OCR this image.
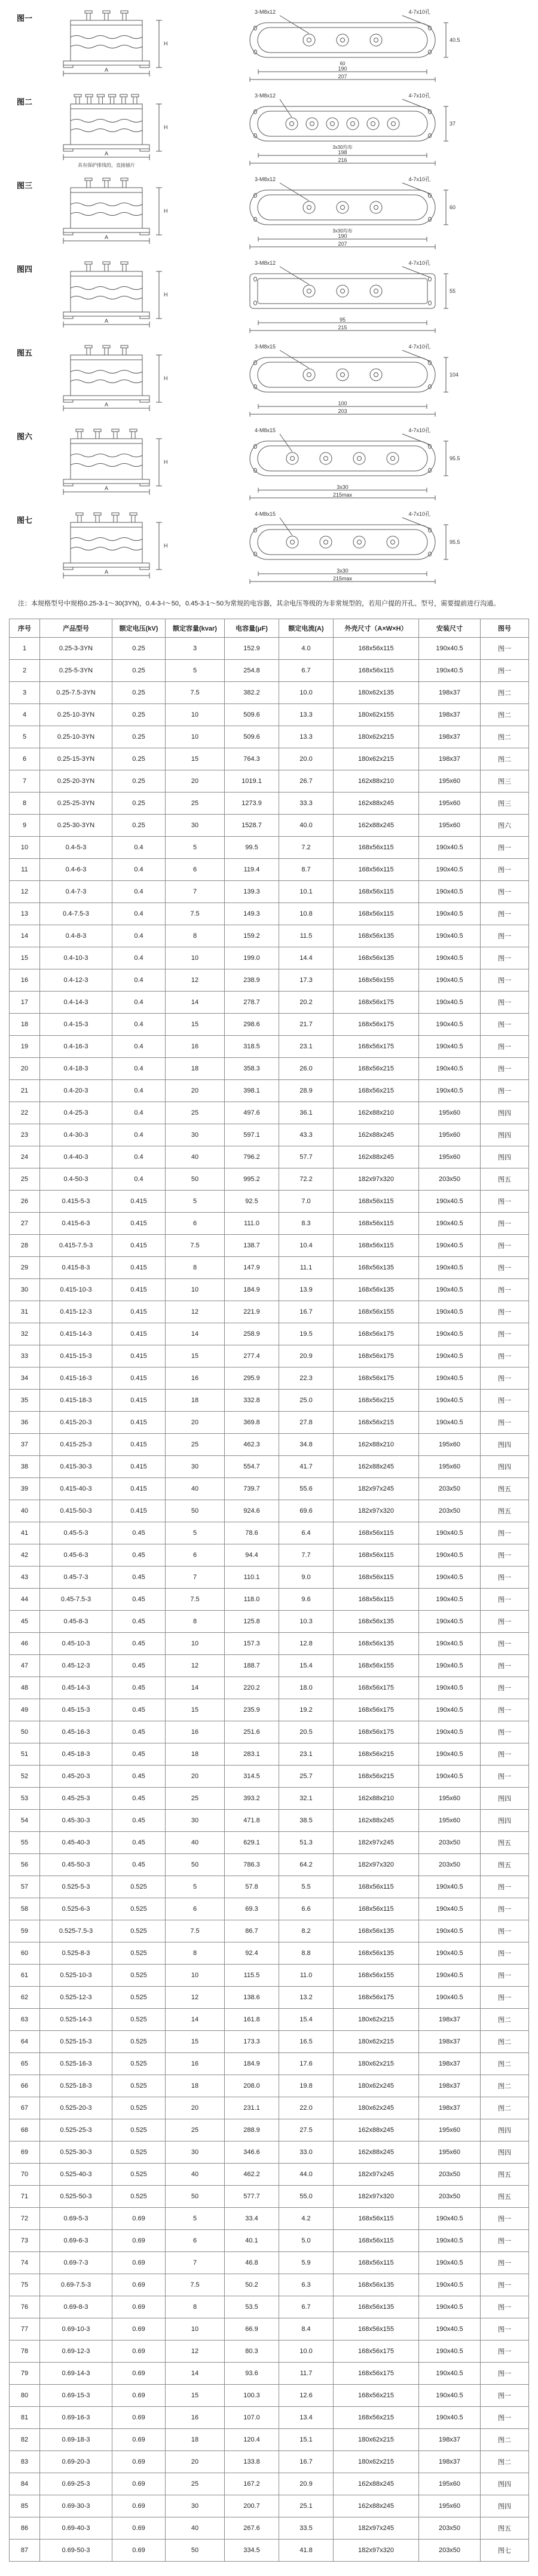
图一
A
H
3-M8x12	4-7x10孔
60
190
207
40.5
图二
A
H
具有保护排线的，直接插片
3-M8x12	4-7x10孔
3x30均布
198
216
37
图三
A
H
3-M8x12	4-7x10孔
3x30均布
190
207
60
图四
A
H
3-M8x12	4-7x10孔
95
215
55
图五
A
H
3-M8x15	4-7x10孔
100
203
104
图六
A
H
4-M8x15	4-7x10孔
3x30
215max
95.5
图七
A
H
4-M8x15	4-7x10孔
3x30
215max
95.5
注：本规格型号中规格0.25-3-1～30(3YN)，0.4-3-I～50，0.45-3-1～50为常规的电容器，其余电压等级的为非常规型的，若用户提的开孔、型号，需要提前进行沟通。
序号	产品型号	额定电压(kV)	额定容量(kvar)	电容量(μF)	额定电流(A)	外壳尺寸（A×W×H）	安装尺寸	图号
1	0.25-3-3YN	0.25	3	152.9	4.0	168x56x115	190x40.5	图一
2	0.25-5-3YN	0.25	5	254.8	6.7	168x56x115	190x40.5	图一
3	0.25-7.5-3YN	0.25	7.5	382.2	10.0	180x62x135	198x37	图二
4	0.25-10-3YN	0.25	10	509.6	13.3	180x62x155	198x37	图二
5	0.25-10-3YN	0.25	10	509.6	13.3	180x62x215	198x37	图二
6	0.25-15-3YN	0.25	15	764.3	20.0	180x62x215	198x37	图二
7	0.25-20-3YN	0.25	20	1019.1	26.7	162x88x210	195x60	图三
8	0.25-25-3YN	0.25	25	1273.9	33.3	162x88x245	195x60	图三
9	0.25-30-3YN	0.25	30	1528.7	40.0	162x88x245	195x60	图六
10	0.4-5-3	0.4	5	99.5	7.2	168x56x115	190x40.5	图一
11	0.4-6-3	0.4	6	119.4	8.7	168x56x115	190x40.5	图一
12	0.4-7-3	0.4	7	139.3	10.1	168x56x115	190x40.5	图一
13	0.4-7.5-3	0.4	7.5	149.3	10.8	168x56x115	190x40.5	图一
14	0.4-8-3	0.4	8	159.2	11.5	168x56x135	190x40.5	图一
15	0.4-10-3	0.4	10	199.0	14.4	168x56x135	190x40.5	图一
16	0.4-12-3	0.4	12	238.9	17.3	168x56x155	190x40.5	图一
17	0.4-14-3	0.4	14	278.7	20.2	168x56x175	190x40.5	图一
18	0.4-15-3	0.4	15	298.6	21.7	168x56x175	190x40.5	图一
19	0.4-16-3	0.4	16	318.5	23.1	168x56x175	190x40.5	图一
20	0.4-18-3	0.4	18	358.3	26.0	168x56x215	190x40.5	图一
21	0.4-20-3	0.4	20	398.1	28.9	168x56x215	190x40.5	图一
22	0.4-25-3	0.4	25	497.6	36.1	162x88x210	195x60	图四
23	0.4-30-3	0.4	30	597.1	43.3	162x88x245	195x60	图四
24	0.4-40-3	0.4	40	796.2	57.7	162x88x245	195x60	图四
25	0.4-50-3	0.4	50	995.2	72.2	182x97x320	203x50	图五
26	0.415-5-3	0.415	5	92.5	7.0	168x56x115	190x40.5	图一
27	0.415-6-3	0.415	6	111.0	8.3	168x56x115	190x40.5	图一
28	0.415-7.5-3	0.415	7.5	138.7	10.4	168x56x115	190x40.5	图一
29	0.415-8-3	0.415	8	147.9	11.1	168x56x135	190x40.5	图一
30	0.415-10-3	0.415	10	184.9	13.9	168x56x135	190x40.5	图一
31	0.415-12-3	0.415	12	221.9	16.7	168x56x155	190x40.5	图一
32	0.415-14-3	0.415	14	258.9	19.5	168x56x175	190x40.5	图一
33	0.415-15-3	0.415	15	277.4	20.9	168x56x175	190x40.5	图一
34	0.415-16-3	0.415	16	295.9	22.3	168x56x175	190x40.5	图一
35	0.415-18-3	0.415	18	332.8	25.0	168x56x215	190x40.5	图一
36	0.415-20-3	0.415	20	369.8	27.8	168x56x215	190x40.5	图一
37	0.415-25-3	0.415	25	462.3	34.8	162x88x210	195x60	图四
38	0.415-30-3	0.415	30	554.7	41.7	162x88x245	195x60	图四
39	0.415-40-3	0.415	40	739.7	55.6	182x97x245	203x50	图五
40	0.415-50-3	0.415	50	924.6	69.6	182x97x320	203x50	图五
41	0.45-5-3	0.45	5	78.6	6.4	168x56x115	190x40.5	图一
42	0.45-6-3	0.45	6	94.4	7.7	168x56x115	190x40.5	图一
43	0.45-7-3	0.45	7	110.1	9.0	168x56x115	190x40.5	图一
44	0.45-7.5-3	0.45	7.5	118.0	9.6	168x56x115	190x40.5	图一
45	0.45-8-3	0.45	8	125.8	10.3	168x56x135	190x40.5	图一
46	0.45-10-3	0.45	10	157.3	12.8	168x56x135	190x40.5	图一
47	0.45-12-3	0.45	12	188.7	15.4	168x56x155	190x40.5	图一
48	0.45-14-3	0.45	14	220.2	18.0	168x56x175	190x40.5	图一
49	0.45-15-3	0.45	15	235.9	19.2	168x56x175	190x40.5	图一
50	0.45-16-3	0.45	16	251.6	20.5	168x56x175	190x40.5	图一
51	0.45-18-3	0.45	18	283.1	23.1	168x56x215	190x40.5	图一
52	0.45-20-3	0.45	20	314.5	25.7	168x56x215	190x40.5	图一
53	0.45-25-3	0.45	25	393.2	32.1	162x88x210	195x60	图四
54	0.45-30-3	0.45	30	471.8	38.5	162x88x245	195x60	图四
55	0.45-40-3	0.45	40	629.1	51.3	182x97x245	203x50	图五
56	0.45-50-3	0.45	50	786.3	64.2	182x97x320	203x50	图五
57	0.525-5-3	0.525	5	57.8	5.5	168x56x115	190x40.5	图一
58	0.525-6-3	0.525	6	69.3	6.6	168x56x115	190x40.5	图一
59	0.525-7.5-3	0.525	7.5	86.7	8.2	168x56x135	190x40.5	图一
60	0.525-8-3	0.525	8	92.4	8.8	168x56x135	190x40.5	图一
61	0.525-10-3	0.525	10	115.5	11.0	168x56x155	190x40.5	图一
62	0.525-12-3	0.525	12	138.6	13.2	168x56x175	190x40.5	图一
63	0.525-14-3	0.525	14	161.8	15.4	180x62x215	198x37	图二
64	0.525-15-3	0.525	15	173.3	16.5	180x62x215	198x37	图二
65	0.525-16-3	0.525	16	184.9	17.6	180x62x215	198x37	图二
66	0.525-18-3	0.525	18	208.0	19.8	180x62x245	198x37	图二
67	0.525-20-3	0.525	20	231.1	22.0	180x62x245	198x37	图二
68	0.525-25-3	0.525	25	288.9	27.5	162x88x245	195x60	图四
69	0.525-30-3	0.525	30	346.6	33.0	162x88x245	195x60	图四
70	0.525-40-3	0.525	40	462.2	44.0	182x97x245	203x50	图五
71	0.525-50-3	0.525	50	577.7	55.0	182x97x320	203x50	图五
72	0.69-5-3	0.69	5	33.4	4.2	168x56x115	190x40.5	图一
73	0.69-6-3	0.69	6	40.1	5.0	168x56x115	190x40.5	图一
74	0.69-7-3	0.69	7	46.8	5.9	168x56x115	190x40.5	图一
75	0.69-7.5-3	0.69	7.5	50.2	6.3	168x56x135	190x40.5	图一
76	0.69-8-3	0.69	8	53.5	6.7	168x56x135	190x40.5	图一
77	0.69-10-3	0.69	10	66.9	8.4	168x56x155	190x40.5	图一
78	0.69-12-3	0.69	12	80.3	10.0	168x56x175	190x40.5	图一
79	0.69-14-3	0.69	14	93.6	11.7	168x56x175	190x40.5	图一
80	0.69-15-3	0.69	15	100.3	12.6	168x56x215	190x40.5	图一
81	0.69-16-3	0.69	16	107.0	13.4	168x56x215	190x40.5	图一
82	0.69-18-3	0.69	18	120.4	15.1	180x62x215	198x37	图二
83	0.69-20-3	0.69	20	133.8	16.7	180x62x215	198x37	图二
84	0.69-25-3	0.69	25	167.2	20.9	162x88x245	195x60	图四
85	0.69-30-3	0.69	30	200.7	25.1	162x88x245	195x60	图四
86	0.69-40-3	0.69	40	267.6	33.5	182x97x245	203x50	图五
87	0.69-50-3	0.69	50	334.5	41.8	182x97x320	203x50	图七
